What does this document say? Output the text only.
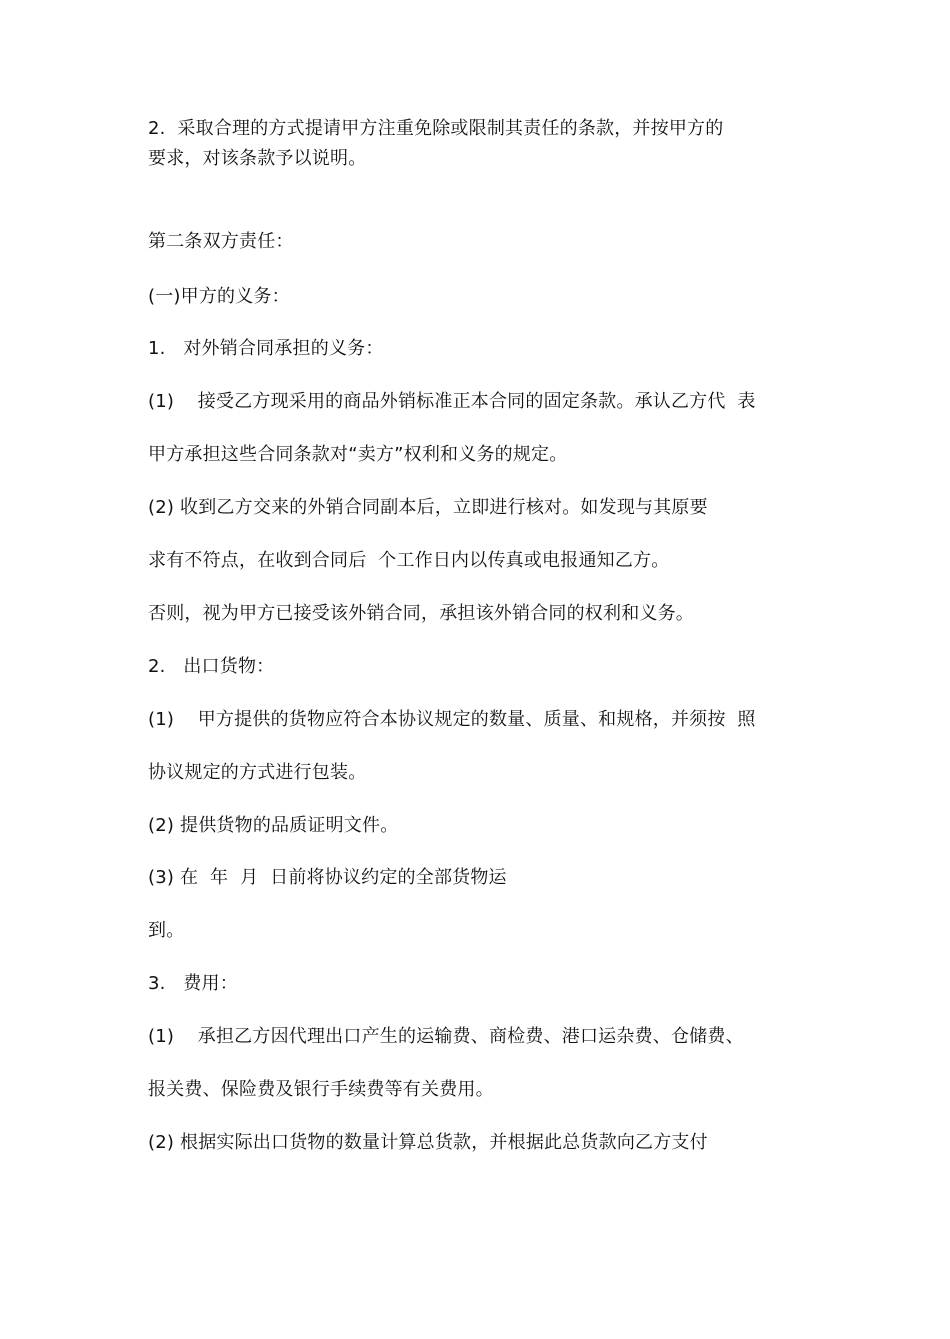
2.  采取合理的方式提请甲方注重免除或限制其责任的条款，并按甲方的
要求，对该条款予以说明。
第二条双方责任：
(一)甲方的义务：
1.   对外销合同承担的义务：
(1)    接受乙方现采用的商品外销标准正本合同的固定条款。承认乙方代  表
甲方承担这些合同条款对“卖方”权利和义务的规定。
(2) 收到乙方交来的外销合同副本后，立即进行核对。如发现与其原要
求有不符点，在收到合同后  个工作日内以传真或电报通知乙方。
否则，视为甲方已接受该外销合同，承担该外销合同的权利和义务。
2.   出口货物：
(1)    甲方提供的货物应符合本协议规定的数量、质量、和规格，并须按  照
协议规定的方式进行包装。
(2) 提供货物的品质证明文件。
(3) 在  年  月  日前将协议约定的全部货物运
到。
3.   费用：
(1)    承担乙方因代理出口产生的运输费、商检费、港口运杂费、仓储费、
报关费、保险费及银行手续费等有关费用。
(2) 根据实际出口货物的数量计算总货款，并根据此总货款向乙方支付
